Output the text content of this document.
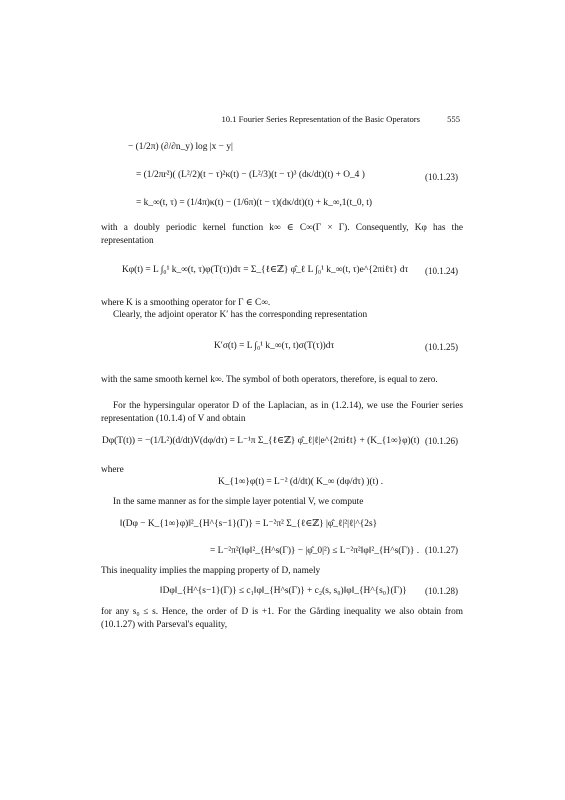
10.1 Fourier Series Representation of the Basic Operators	555
− (1/2π) (∂/∂n_y) log |x − y|
= (1/2πr²)( (L²/2)(t − τ)²κ(t) − (L²/3)(t − τ)³ (dκ/dt)(t) + O_4 )	(10.1.23)
= k_∞(t, τ) = (1/4π)κ(t) − (1/6π)(t − τ)(dκ/dt)(t) + k_∞,1(t_0, t)
with a doubly periodic kernel function k∞ ∈ C∞(Γ × Γ). Consequently, Kφ has the representation
Kφ(t) = L ∫₀¹ k_∞(t, τ)φ(T(τ))dτ = Σ_{ℓ∈ℤ} φ̂_ℓ L ∫₀¹ k_∞(t, τ)e^{2πiℓτ} dτ (10.1.24)
where K is a smoothing operator for Γ ∈ C∞.
Clearly, the adjoint operator K′ has the corresponding representation
K′σ(t) = L ∫₀¹ k_∞(τ, t)σ(T(τ))dτ	(10.1.25)
with the same smooth kernel k∞. The symbol of both operators, therefore, is equal to zero.
For the hypersingular operator D of the Laplacian, as in (1.2.14), we use the Fourier series representation (10.1.4) of V and obtain
Dφ(T(t)) = −(1/L²)(d/dt)V(dφ/dτ) = L⁻¹π Σ_{ℓ∈ℤ} φ̂_ℓ|ℓ|e^{2πiℓt} + (K_{1∞}φ)(t) (10.1.26)
where
K_{1∞}φ(t) = L⁻² (d/dt)( K_∞ (dφ/dτ) )(t) .
In the same manner as for the simple layer potential V, we compute
‖(Dφ − K_{1∞}φ)‖²_{H^{s−1}(Γ)} = L⁻²π² Σ_{ℓ∈ℤ} |φ̂_ℓ|²|ℓ|^{2s}
= L⁻²π²(‖φ‖²_{H^s(Γ)} − |φ̂_0|²) ≤ L⁻²π²‖φ‖²_{H^s(Γ)} . (10.1.27)
This inequality implies the mapping property of D, namely
‖Dφ‖_{H^{s−1}(Γ)} ≤ c₁‖φ‖_{H^s(Γ)} + c₂(s, s₀)‖φ‖_{H^{s₀}(Γ)} (10.1.28)
for any s₀ ≤ s. Hence, the order of D is +1. For the Gårding inequality we also obtain from (10.1.27) with Parseval's equality,
